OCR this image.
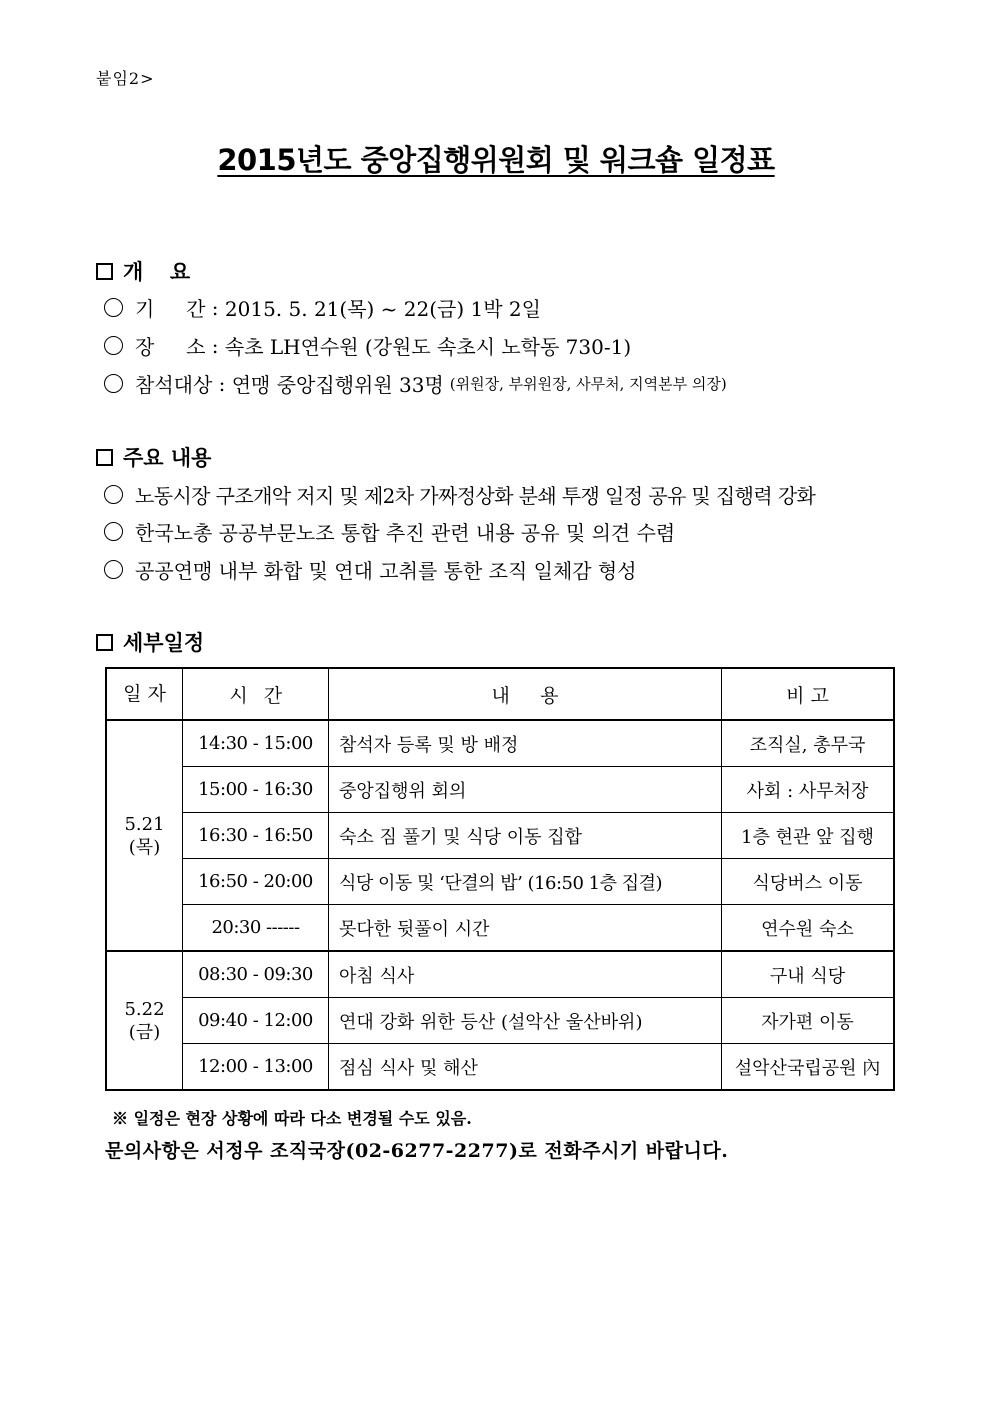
붙임2>
2015년도 중앙집행위원회 및 워크숍 일정표
개  요
기     간 : 2015. 5. 21(목) ~ 22(금) 1박 2일
장     소 : 속초 LH연수원 (강원도 속초시 노학동 730-1)
참석대상 : 연맹 중앙집행위원 33명 (위원장, 부위원장, 사무처, 지역본부 의장)
주요 내용
노동시장 구조개악 저지 및 제2차 가짜정상화 분쇄 투쟁 일정 공유 및 집행력 강화
한국노총 공공부문노조 통합 추진 관련 내용 공유 및 의견 수렴
공공연맹 내부 화합 및 연대 고취를 통한 조직 일체감 형성
세부일정
일 자	시   간	내     용	비 고
5.21
(목)	14:30 - 15:00	참석자 등록 및 방 배정	조직실, 총무국
	15:00 - 16:30	중앙집행위 회의	사회 : 사무처장
	16:30 - 16:50	숙소 짐 풀기 및 식당 이동 집합	1층 현관 앞 집행
	16:50 - 20:00	식당 이동 및 ‘단결의 밥’ (16:50 1층 집결)	식당버스 이동
	20:30 ------	못다한 뒷풀이 시간	연수원 숙소
5.22
(금)	08:30 - 09:30	아침 식사	구내 식당
	09:40 - 12:00	연대 강화 위한 등산 (설악산 울산바위)	자가편 이동
	12:00 - 13:00	점심 식사 및 해산	설악산국립공원 內
※ 일정은 현장 상황에 따라 다소 변경될 수도 있음.
문의사항은 서정우 조직국장(02-6277-2277)로 전화주시기 바랍니다.
